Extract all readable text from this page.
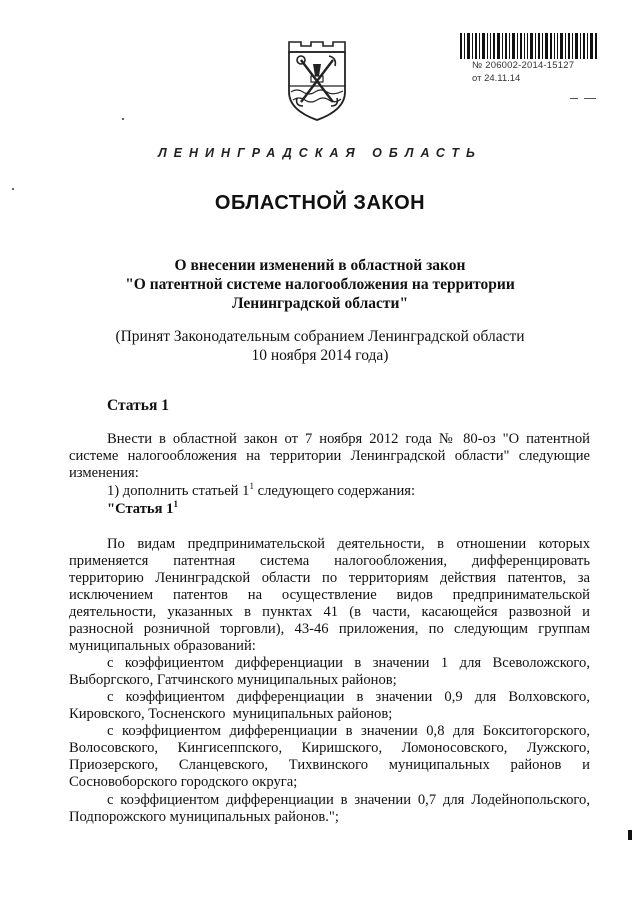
№ 206002-2014-15127
от 24.11.14
ЛЕНИНГРАДСКАЯ ОБЛАСТЬ
ОБЛАСТНОЙ ЗАКОН
О внесении изменений в областной закон
"О патентной системе налогообложения на территории
Ленинградской области"
(Принят Законодательным собранием Ленинградской области
10 ноября 2014 года)
Статья 1
Внести в областной закон от 7 ноября 2012 года № 80-оз "О патентной
системе налогообложения на территории Ленинградской области" следующие
изменения:
1) дополнить статьей $1^1$ следующего содержания:
"Статья $1^1$
По видам предпринимательской деятельности, в отношении которых
применяется патентная система налогообложения, дифференцировать
территорию Ленинградской области по территориям действия патентов, за
исключением патентов на осуществление видов предпринимательской
деятельности, указанных в пунктах 41 (в части, касающейся развозной и
разносной розничной торговли), 43-46 приложения, по следующим группам
муниципальных образований:
с коэффициентом дифференциации в значении 1 для Всеволожского,
Выборгского, Гатчинского муниципальных районов;
с коэффициентом дифференциации в значении 0,9 для Волховского,
Кировского, Тосненского  муниципальных районов;
с коэффициентом дифференциации в значении 0,8 для Бокситогорского,
Волосовского, Кингисеппского, Киришского, Ломоносовского, Лужского,
Приозерского, Сланцевского, Тихвинского муниципальных районов и
Сосновоборского городского округа;
с коэффициентом дифференциации в значении 0,7 для Лодейнопольского,
Подпорожского муниципальных районов.";
